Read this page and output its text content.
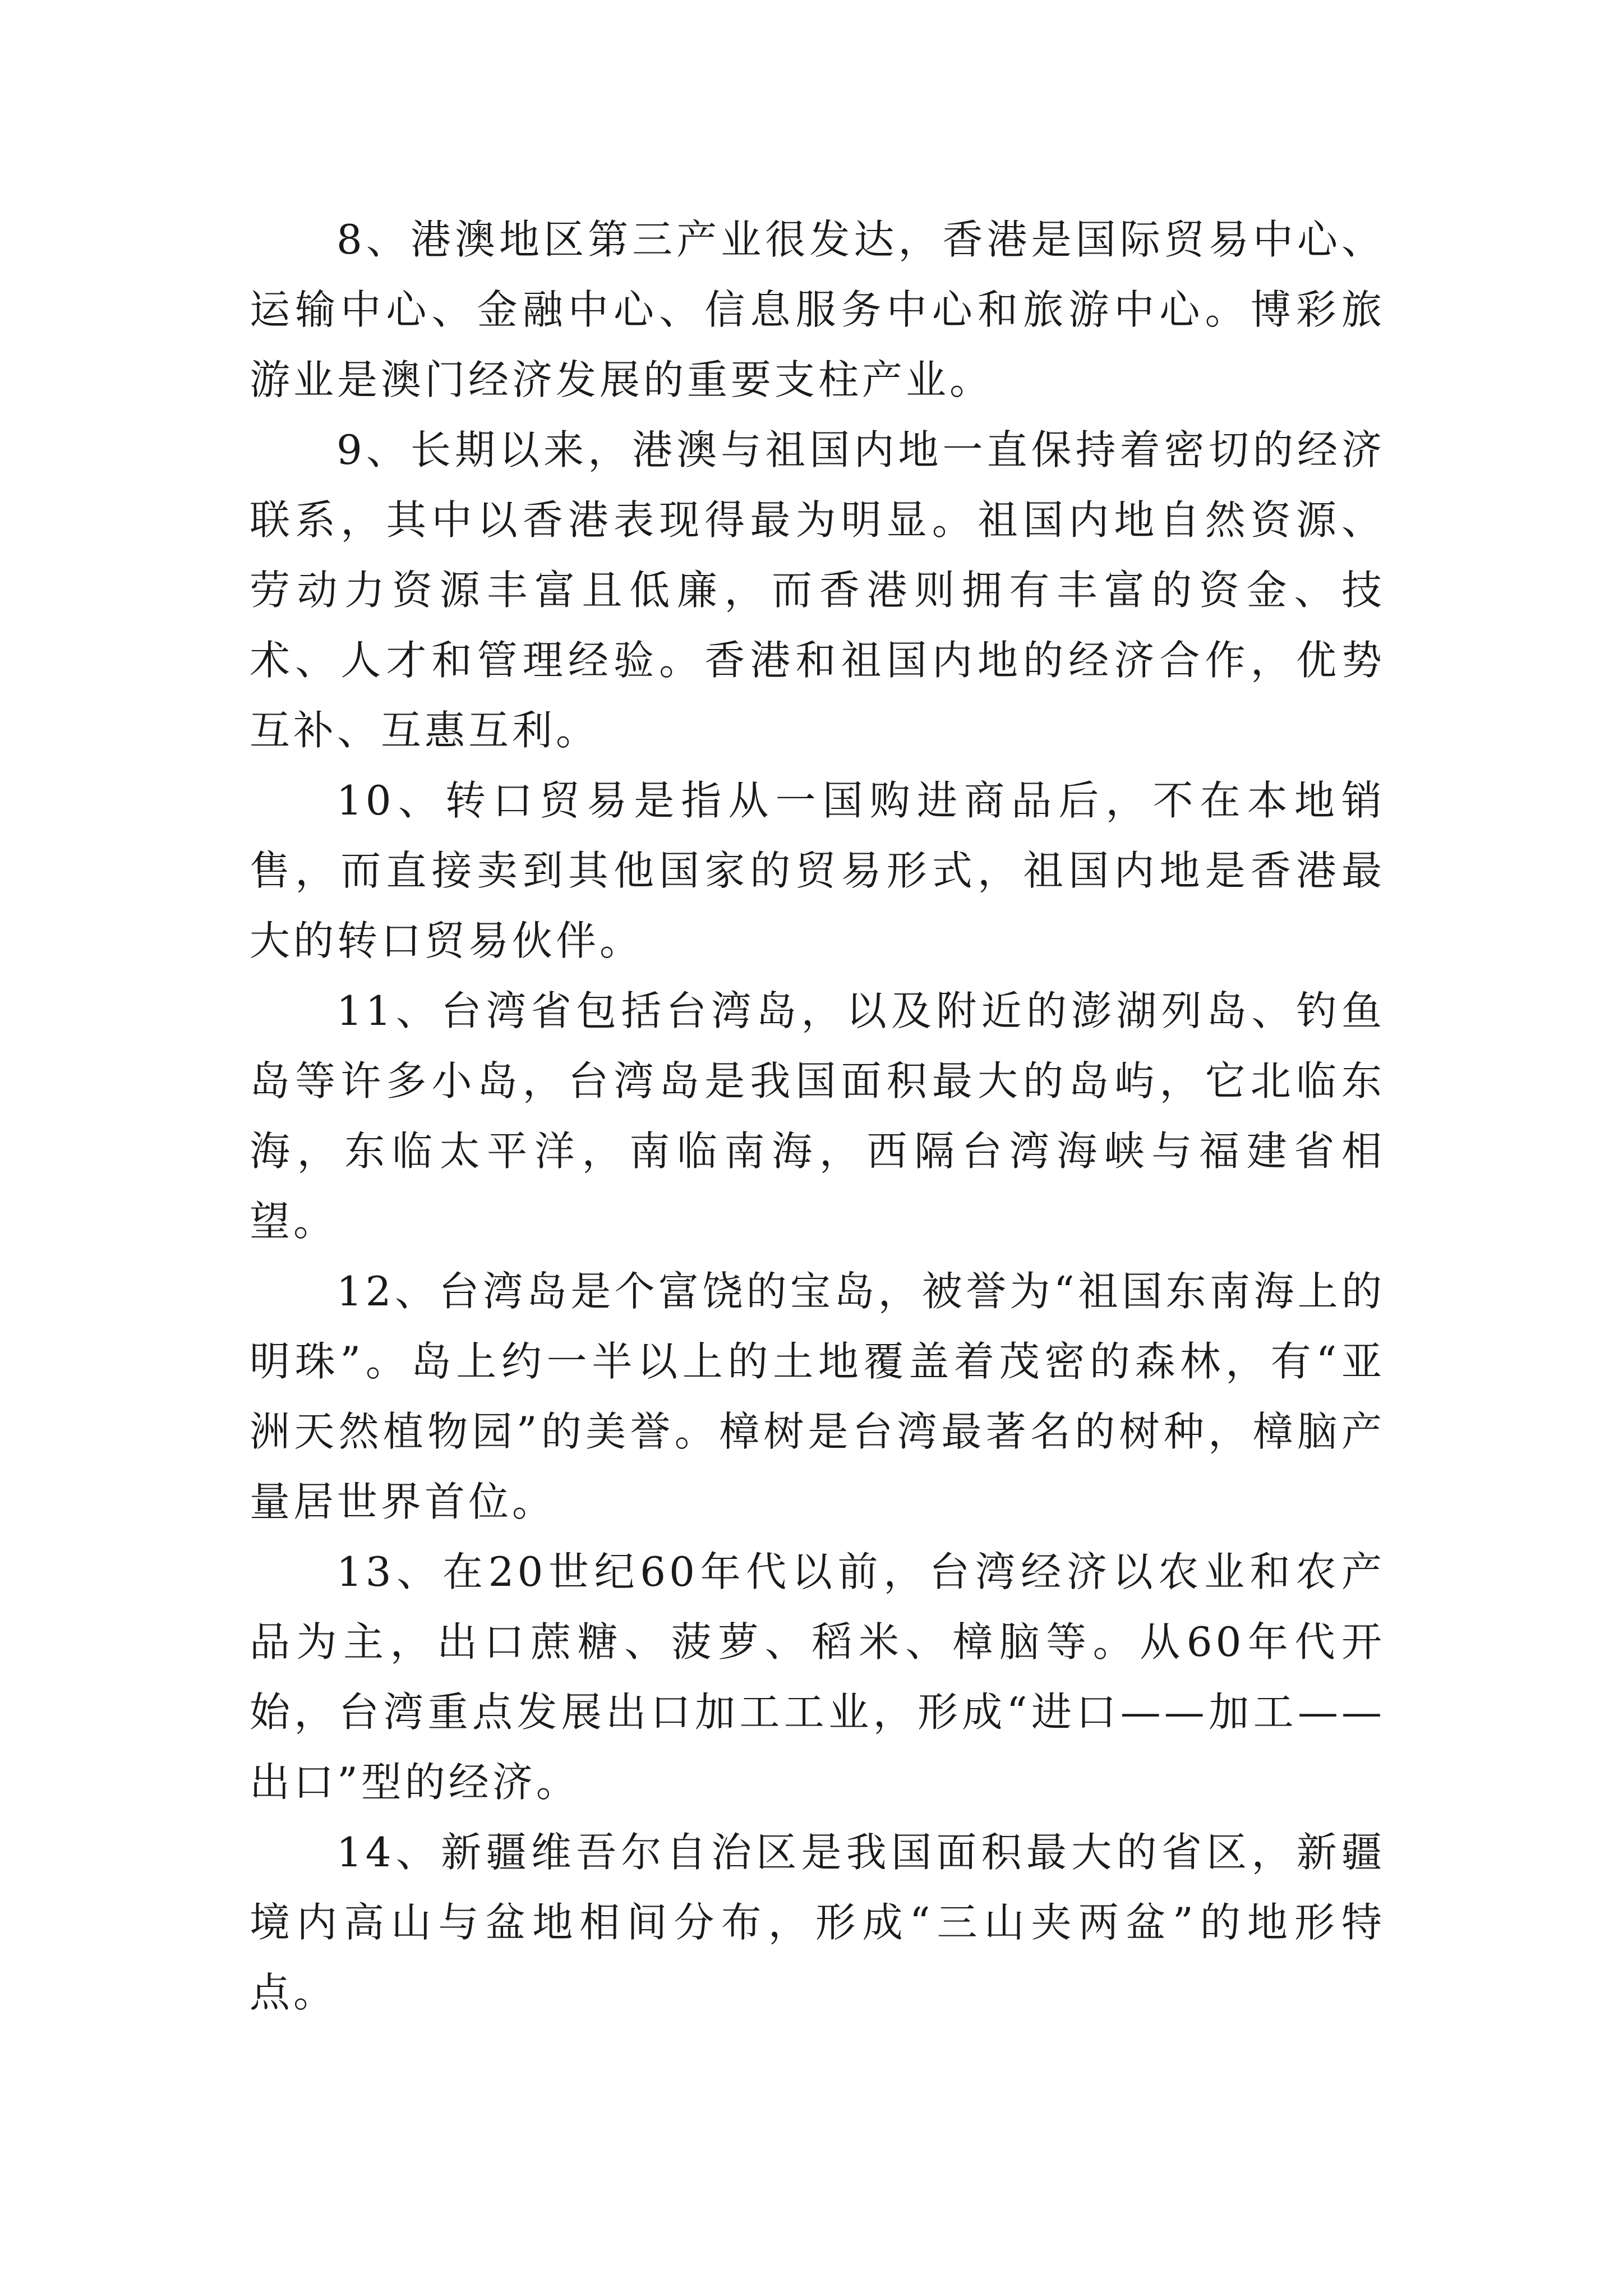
8、港澳地区第三产业很发达，香港是国际贸易中心、运输中心、金融中心、信息服务中心和旅游中心。博彩旅游业是澳门经济发展的重要支柱产业。

9、长期以来，港澳与祖国内地一直保持着密切的经济联系，其中以香港表现得最为明显。祖国内地自然资源、劳动力资源丰富且低廉，而香港则拥有丰富的资金、技术、人才和管理经验。香港和祖国内地的经济合作，优势互补、互惠互利。

10、转口贸易是指从一国购进商品后，不在本地销售，而直接卖到其他国家的贸易形式，祖国内地是香港最大的转口贸易伙伴。

11、台湾省包括台湾岛，以及附近的澎湖列岛、钓鱼岛等许多小岛，台湾岛是我国面积最大的岛屿，它北临东海，东临太平洋，南临南海，西隔台湾海峡与福建省相望。

12、台湾岛是个富饶的宝岛，被誉为“祖国东南海上的明珠”。岛上约一半以上的土地覆盖着茂密的森林，有“亚洲天然植物园”的美誉。樟树是台湾最著名的树种，樟脑产量居世界首位。

13、在20世纪60年代以前，台湾经济以农业和农产品为主，出口蔗糖、菠萝、稻米、樟脑等。从60年代开始，台湾重点发展出口加工工业，形成“进口——加工——出口”型的经济。

14、新疆维吾尔自治区是我国面积最大的省区，新疆境内高山与盆地相间分布，形成“三山夹两盆”的地形特点。
